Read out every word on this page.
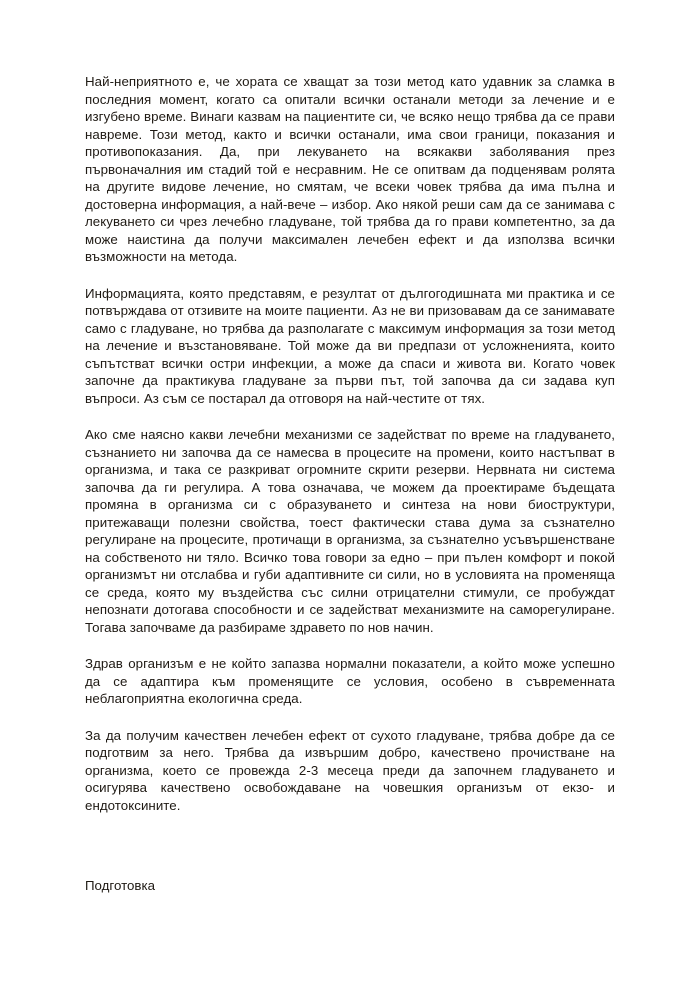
Най-неприятното е, че хората се хващат за този метод като удавник за сламка в последния момент, когато са опитали всички останали методи за лечение и е изгубено време. Винаги казвам на пациентите си, че всяко нещо трябва да се прави навреме. Този метод, както и всички останали, има свои граници, показания и противопоказания. Да, при лекуването на всякакви заболявания през първоначалния им стадий той е несравним. Не се опитвам да подценявам ролята на другите видове лечение, но смятам, че всеки човек трябва да има пълна и достоверна информация, а най-вече – избор. Ако някой реши сам да се занимава с лекуването си чрез лечебно гладуване, той трябва да го прави компетентно, за да може наистина да получи максимален лечебен ефект и да използва всички възможности на метода.

Информацията, която представям, е резултат от дългогодишната ми практика и се потвърждава от отзивите на моите пациенти. Аз не ви призовавам да се занимавате само с гладуване, но трябва да разполагате с максимум информация за този метод на лечение и възстановяване. Той може да ви предпази от усложненията, които съпътстват всички остри инфекции, а може да спаси и живота ви. Когато човек започне да практикува гладуване за първи път, той започва да си задава куп въпроси. Аз съм се постарал да отговоря на най-честите от тях.

Ако сме наясно какви лечебни механизми се задействат по време на гладуването, съзнанието ни започва да се намесва в процесите на промени, които настъпват в организма, и така се разкриват огромните скрити резерви. Нервната ни система започва да ги регулира. А това означава, че можем да проектираме бъдещата промяна в организма си с образуването и синтеза на нови биоструктури, притежаващи полезни свойства, тоест фактически става дума за съзнателно регулиране на процесите, протичащи в организма, за съзнателно усъвършенстване на собственото ни тяло. Всичко това говори за едно – при пълен комфорт и покой организмът ни отслабва и губи адаптивните си сили, но в условията на променяща се среда, която му въздейства със силни отрицателни стимули, се пробуждат непознати дотогава способности и се задействат механизмите на саморегулиране. Тогава започваме да разбираме здравето по нов начин.

Здрав организъм е не който запазва нормални показатели, а който може успешно да се адаптира към променящите се условия, особено в съвременната неблагоприятна екологична среда.

За да получим качествен лечебен ефект от сухото гладуване, трябва добре да се подготвим за него. Трябва да извършим добро, качествено прочистване на организма, което се провежда 2-3 месеца преди да започнем гладуването и осигурява качествено освобождаване на човешкия организъм от екзо- и ендотоксините.

Подготовка
